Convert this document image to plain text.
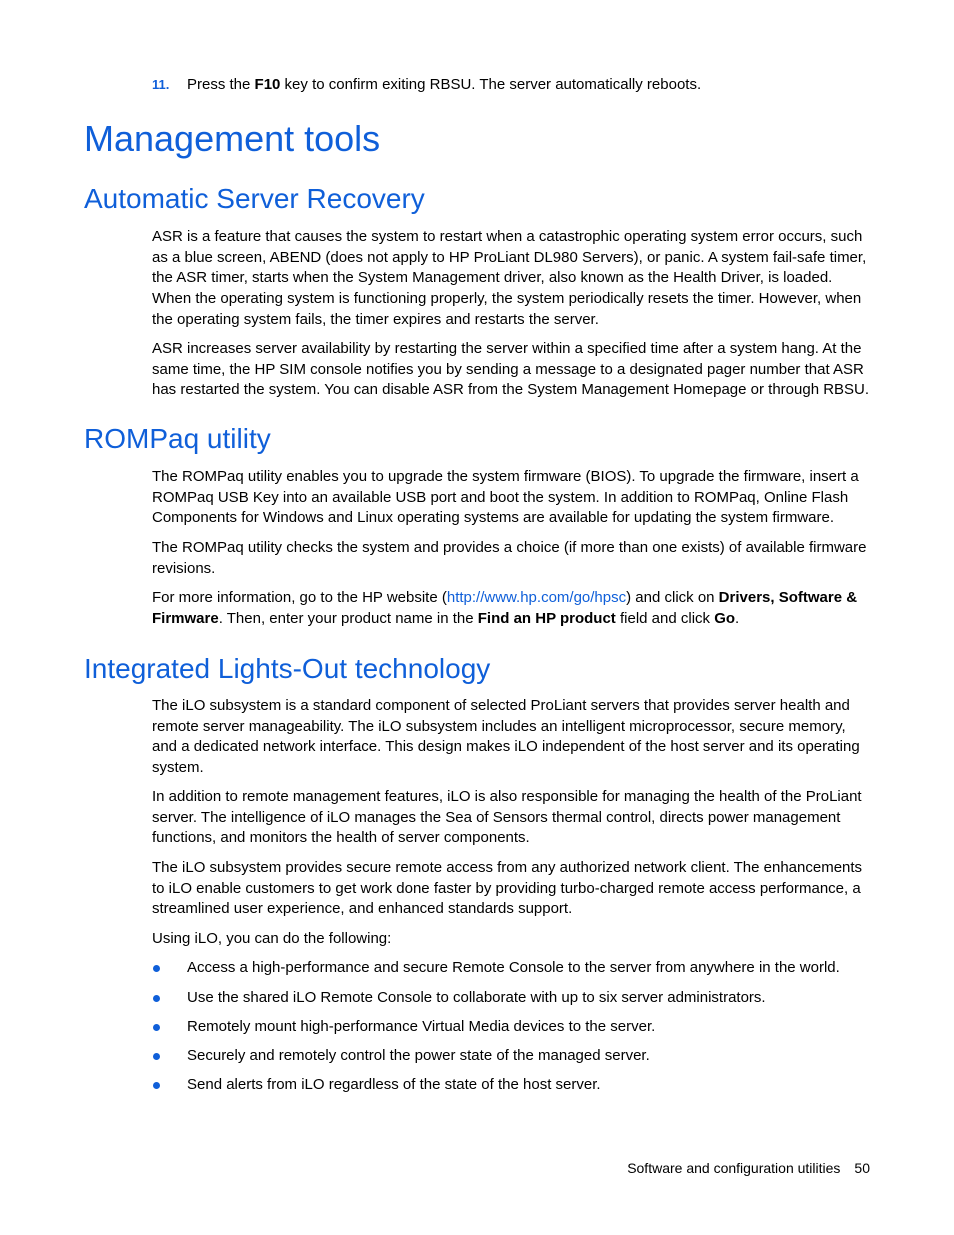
11. Press the F10 key to confirm exiting RBSU. The server automatically reboots.
Management tools
Automatic Server Recovery

ASR is a feature that causes the system to restart when a catastrophic operating system error occurs, such as a blue screen, ABEND (does not apply to HP ProLiant DL980 Servers), or panic. A system fail-safe timer, the ASR timer, starts when the System Management driver, also known as the Health Driver, is loaded. When the operating system is functioning properly, the system periodically resets the timer. However, when the operating system fails, the timer expires and restarts the server.

ASR increases server availability by restarting the server within a specified time after a system hang. At the same time, the HP SIM console notifies you by sending a message to a designated pager number that ASR has restarted the system. You can disable ASR from the System Management Homepage or through RBSU.

ROMPaq utility

The ROMPaq utility enables you to upgrade the system firmware (BIOS). To upgrade the firmware, insert a ROMPaq USB Key into an available USB port and boot the system. In addition to ROMPaq, Online Flash Components for Windows and Linux operating systems are available for updating the system firmware.

The ROMPaq utility checks the system and provides a choice (if more than one exists) of available firmware revisions.

For more information, go to the HP website (http://www.hp.com/go/hpsc) and click on Drivers, Software & Firmware. Then, enter your product name in the Find an HP product field and click Go.

Integrated Lights-Out technology

The iLO subsystem is a standard component of selected ProLiant servers that provides server health and remote server manageability. The iLO subsystem includes an intelligent microprocessor, secure memory, and a dedicated network interface. This design makes iLO independent of the host server and its operating system.

In addition to remote management features, iLO is also responsible for managing the health of the ProLiant server. The intelligence of iLO manages the Sea of Sensors thermal control, directs power management functions, and monitors the health of server components.

The iLO subsystem provides secure remote access from any authorized network client. The enhancements to iLO enable customers to get work done faster by providing turbo-charged remote access performance, a streamlined user experience, and enhanced standards support.

Using iLO, you can do the following:

Access a high-performance and secure Remote Console to the server from anywhere in the world.
Use the shared iLO Remote Console to collaborate with up to six server administrators.
Remotely mount high-performance Virtual Media devices to the server.
Securely and remotely control the power state of the managed server.
Send alerts from iLO regardless of the state of the host server.
Software and configuration utilities 50
